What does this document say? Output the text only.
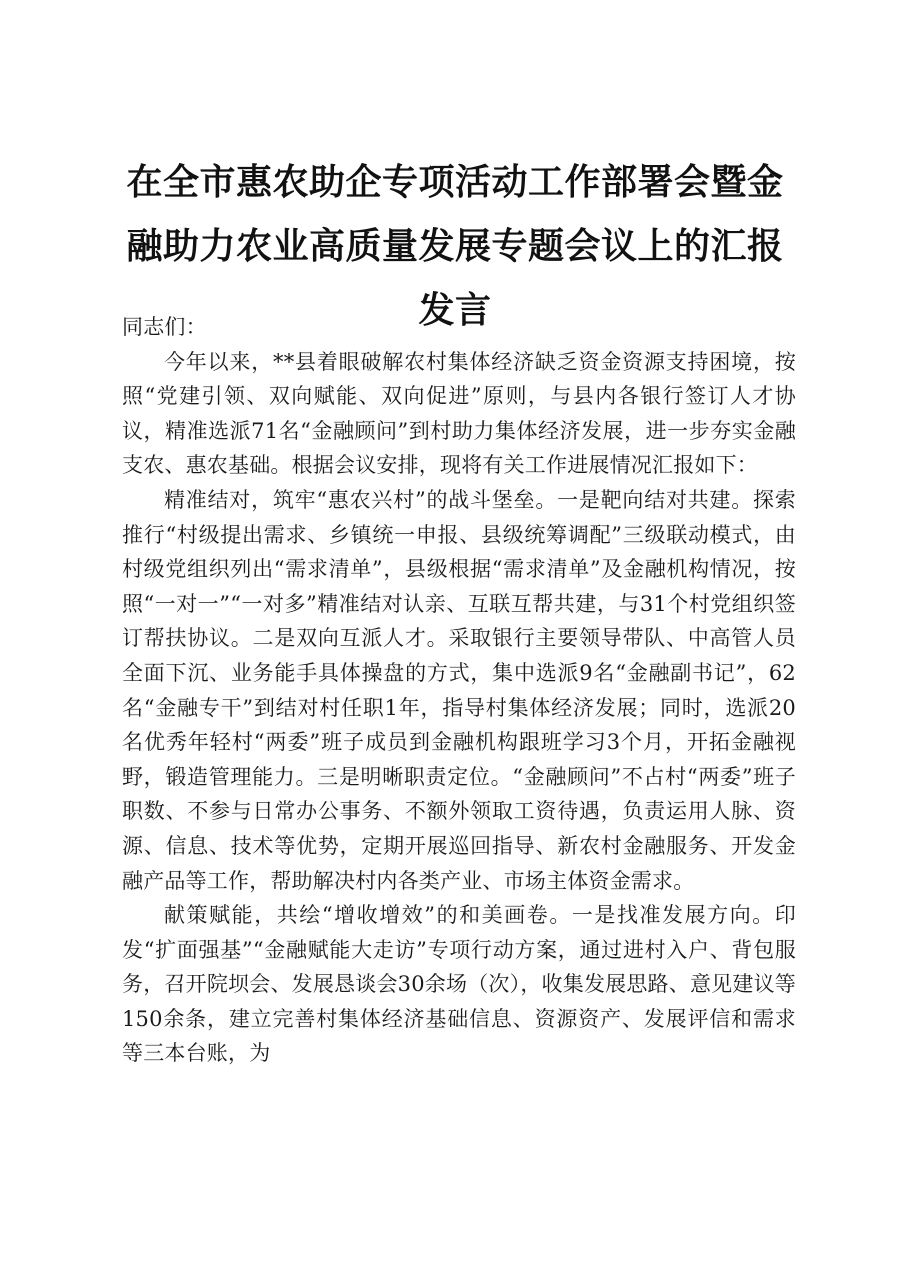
在全市惠农助企专项活动工作部署会暨金融助力农业高质量发展专题会议上的汇报发言

同志们：

今年以来，**县着眼破解农村集体经济缺乏资金资源支持困境，按照“党建引领、双向赋能、双向促进”原则，与县内各银行签订人才协议，精准选派71名“金融顾问”到村助力集体经济发展，进一步夯实金融支农、惠农基础。根据会议安排，现将有关工作进展情况汇报如下：

精准结对，筑牢“惠农兴村”的战斗堡垒。一是靶向结对共建。探索推行“村级提出需求、乡镇统一申报、县级统筹调配”三级联动模式，由村级党组织列出“需求清单”，县级根据“需求清单”及金融机构情况，按照“一对一”“一对多”精准结对认亲、互联互帮共建，与31个村党组织签订帮扶协议。二是双向互派人才。采取银行主要领导带队、中高管人员全面下沉、业务能手具体操盘的方式，集中选派9名“金融副书记”，62名“金融专干”到结对村任职1年，指导村集体经济发展；同时，选派20名优秀年轻村“两委”班子成员到金融机构跟班学习3个月，开拓金融视野，锻造管理能力。三是明晰职责定位。“金融顾问”不占村“两委”班子职数、不参与日常办公事务、不额外领取工资待遇，负责运用人脉、资源、信息、技术等优势，定期开展巡回指导、新农村金融服务、开发金融产品等工作，帮助解决村内各类产业、市场主体资金需求。

献策赋能，共绘“增收增效”的和美画卷。一是找准发展方向。印发“扩面强基”“金融赋能大走访”专项行动方案，通过进村入户、背包服务，召开院坝会、发展恳谈会30余场（次），收集发展思路、意见建议等150余条，建立完善村集体经济基础信息、资源资产、发展评信和需求等三本台账，为
